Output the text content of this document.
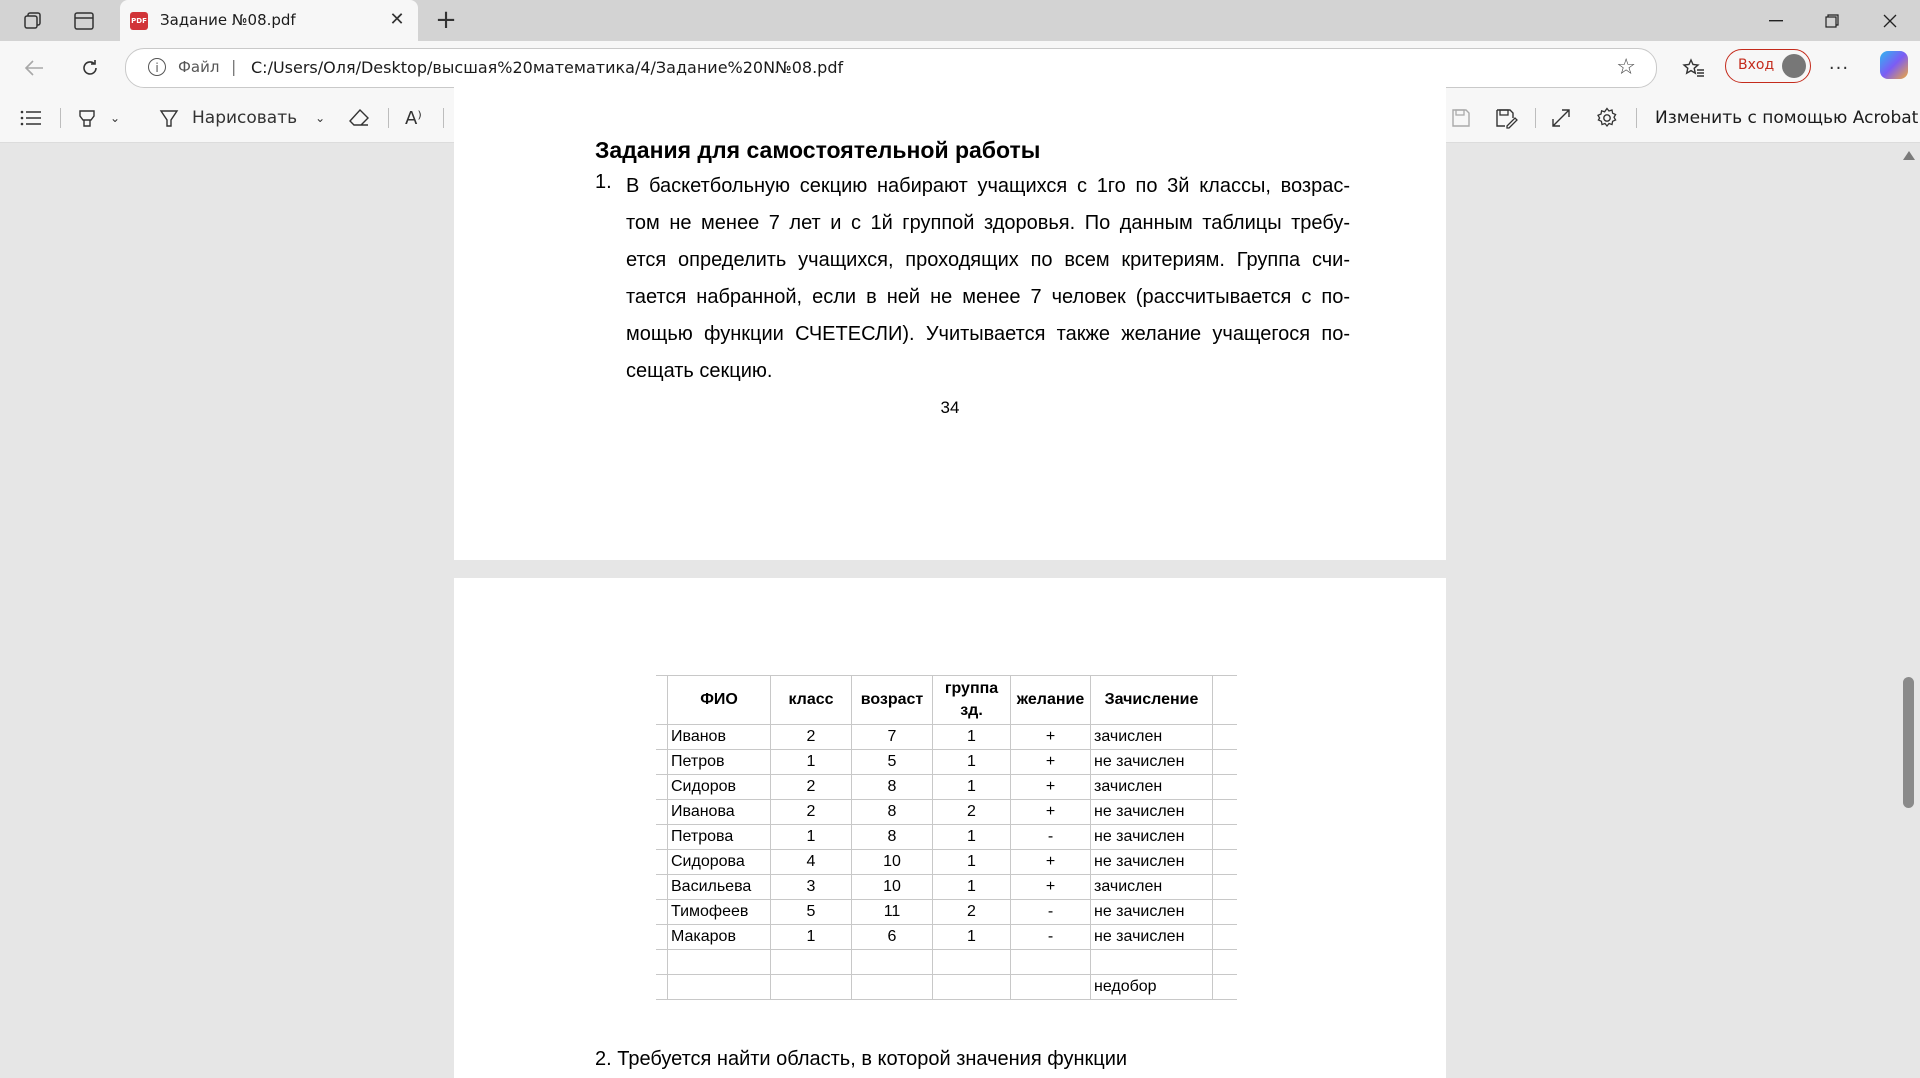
PDF Задание №08.pdf	✕ +
i	Файл | C:/Users/Оля/Desktop/высшая%20математика/4/Задание%20N№08.pdf	☆	Вход	···
⌄	Нарисовать ⌄	A⁾	Изменить с помощью Acrobat
Задания для самостоятельной работы
1. В баскетбольную секцию набирают учащихся с 1го по 3й классы, возрас-
том не менее 7 лет и с 1й группой здоровья. По данным таблицы требу-
ется определить учащихся, проходящих по всем критериям. Группа счи-
тается набранной, если в ней не менее 7 человек (рассчитывается с по-
мощью функции СЧЕТЕСЛИ). Учитывается также желание учащегося по-
сещать секцию.
34
	ФИО	класс	возраст	группа зд.	желание	Зачисление	
	Иванов	2	7	1	+	зачислен	
	Петров	1	5	1	+	не зачислен	
	Сидоров	2	8	1	+	зачислен	
	Иванова	2	8	2	+	не зачислен	
	Петрова	1	8	1	-	не зачислен	
	Сидорова	4	10	1	+	не зачислен	
	Васильева	3	10	1	+	зачислен	
	Тимофеев	5	11	2	-	не зачислен	
	Макаров	1	6	1	-	не зачислен	

						недобор	
2. Требуется найти область, в которой значения функции
